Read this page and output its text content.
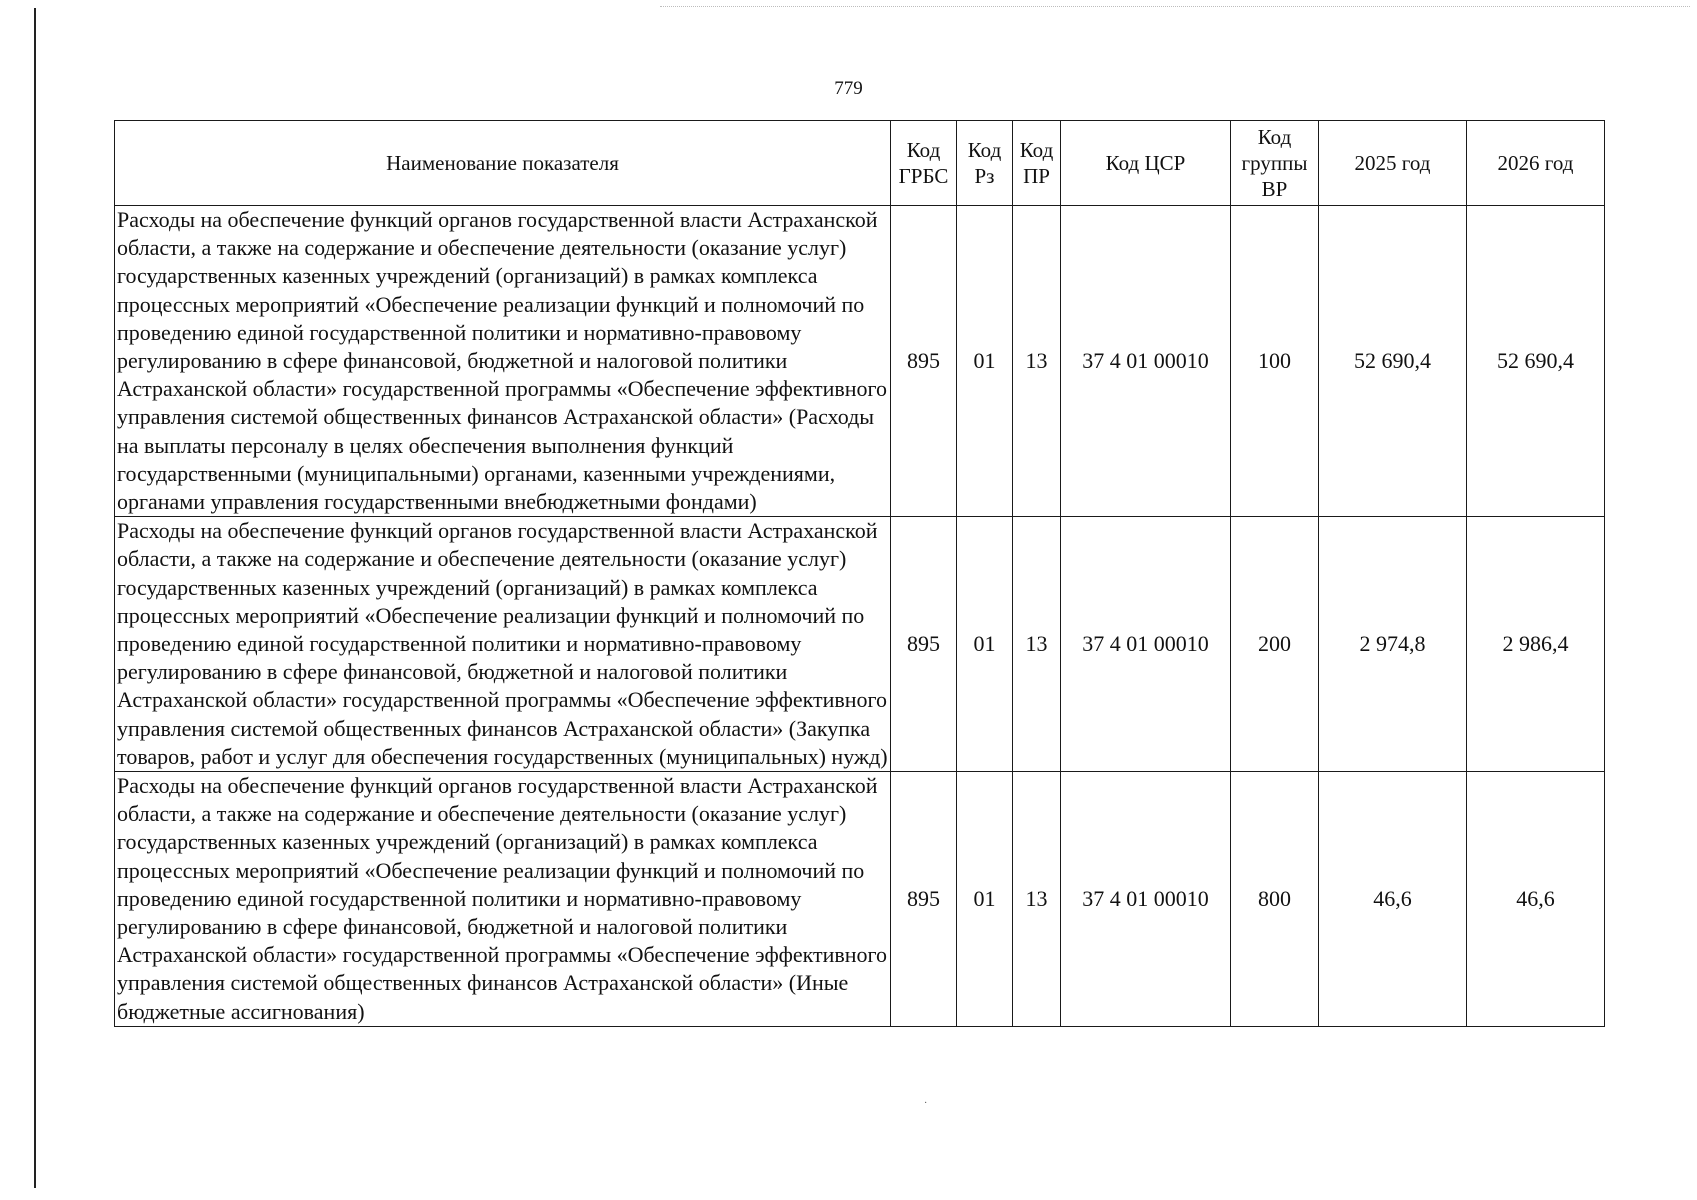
779
Наименование показателя	Код ГРБС	Код Рз	Код ПР	Код ЦСР	Код группы ВР	2025 год	2026 год
Расходы на обеспечение функций органов государственной власти Астраханской области, а также на содержание и обеспечение деятельности (оказание услуг) государственных казенных учреждений (организаций) в рамках комплекса процессных мероприятий «Обеспечение реализации функций и полномочий по проведению единой государственной политики и нормативно-правовому регулированию в сфере финансовой, бюджетной и налоговой политики Астраханской области» государственной программы «Обеспечение эффективного управления системой общественных финансов Астраханской области» (Расходы на выплаты персоналу в целях обеспечения выполнения функций государственными (муниципальными) органами, казенными учреждениями, органами управления государственными внебюджетными фондами)	895	01	13	37 4 01 00010	100	52 690,4	52 690,4
Расходы на обеспечение функций органов государственной власти Астраханской области, а также на содержание и обеспечение деятельности (оказание услуг) государственных казенных учреждений (организаций) в рамках комплекса процессных мероприятий «Обеспечение реализации функций и полномочий по проведению единой государственной политики и нормативно-правовому регулированию в сфере финансовой, бюджетной и налоговой политики Астраханской области» государственной программы «Обеспечение эффективного управления системой общественных финансов Астраханской области» (Закупка товаров, работ и услуг для обеспечения государственных (муниципальных) нужд)	895	01	13	37 4 01 00010	200	2 974,8	2 986,4
Расходы на обеспечение функций органов государственной власти Астраханской области, а также на содержание и обеспечение деятельности (оказание услуг) государственных казенных учреждений (организаций) в рамках комплекса процессных мероприятий «Обеспечение реализации функций и полномочий по проведению единой государственной политики и нормативно-правовому регулированию в сфере финансовой, бюджетной и налоговой политики Астраханской области» государственной программы «Обеспечение эффективного управления системой общественных финансов Астраханской области» (Иные бюджетные ассигнования)	895	01	13	37 4 01 00010	800	46,6	46,6
·
